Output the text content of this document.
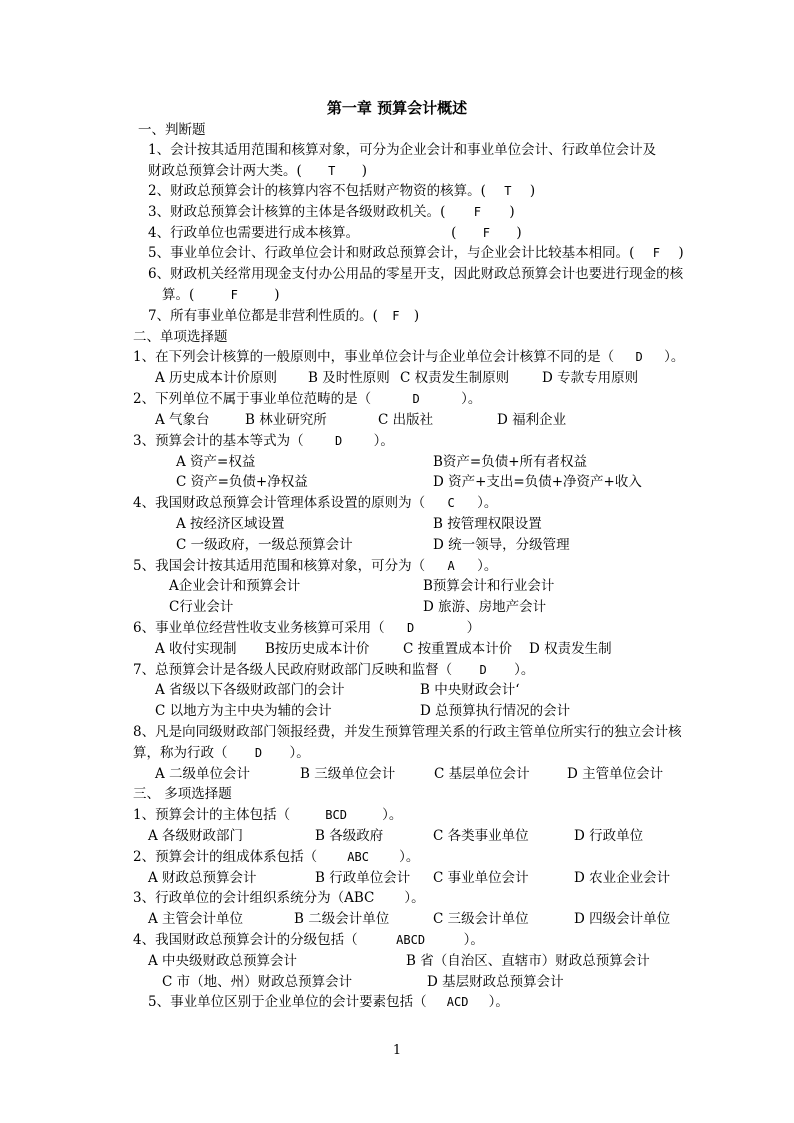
第一章 预算会计概述
一、判断题
1、会计按其适用范围和核算对象，可分为企业会计和事业单位会计、行政单位会计及
财政总预算会计两大类。( T )
2、财政总预算会计的核算内容不包括财产物资的核算。( T )
3、财政总预算会计核算的主体是各级财政机关。( F )
4、行政单位也需要进行成本核算。	( F )
5、事业单位会计、行政单位会计和财政总预算会计，与企业会计比较基本相同。( F )
6、财政机关经常用现金支付办公用品的零星开支，因此财政总预算会计也要进行现金的核
算。(	F	)
7、所有事业单位都是非营利性质的。( F )
二、单项选择题
1、在下列会计核算的一般原则中，事业单位会计与企业单位会计核算不同的是（ D ）。
A 历史成本计价原则 B 及时性原则 C 权责发生制原则 D 专款专用原则
2、下列单位不属于事业单位范畴的是（	D	）。
A 气象台	B 林业研究所	C 出版社	D 福利企业
3、预算会计的基本等式为（	D ）。
A 资产=权益	B资产=负债+所有者权益
C 资产=负债+净权益	D 资产+支出=负债+净资产+收入
4、我国财政总预算会计管理体系设置的原则为（ C ）。
A 按经济区域设置	B 按管理权限设置
C 一级政府，一级总预算会计	D 统一领导，分级管理
5、我国会计按其适用范围和核算对象，可分为（ A ）。
A企业会计和预算会计	B预算会计和行业会计
C行业会计	D 旅游、房地产会计
6、事业单位经营性收支业务核算可采用（ D	）
A 收付实现制 B按历史成本计价 C 按重置成本计价 D 权责发生制
7、总预算会计是各级人民政府财政部门反映和监督（ D ）。
A 省级以下各级财政部门的会计	B 中央财政会计‘
C 以地方为主中央为辅的会计	D 总预算执行情况的会计
8、凡是向同级财政部门领报经费，并发生预算管理关系的行政主管单位所实行的独立会计核
算，称为行政（ D ）。
A 二级单位会计	B 三级单位会计	C 基层单位会计	D 主管单位会计
三、 多项选择题
1、预算会计的主体包括（	BCD	）。
A 各级财政部门	B 各级政府	C 各类事业单位	D 行政单位
2、预算会计的组成体系包括（	ABC ）。
A 财政总预算会计	B 行政单位会计 C 事业单位会计	D 农业企业会计
3、行政单位的会计组织系统分为（ABC ）。
A 主管会计单位	B 二级会计单位	C 三级会计单位	D 四级会计单位
4、我国财政总预算会计的分级包括（	ABCD	）。
A 中央级财政总预算会计	B 省（自治区、直辖市）财政总预算会计
C 市（地、州）财政总预算会计	D 基层财政总预算会计
5、事业单位区别于企业单位的会计要素包括（ ACD ）。
1
